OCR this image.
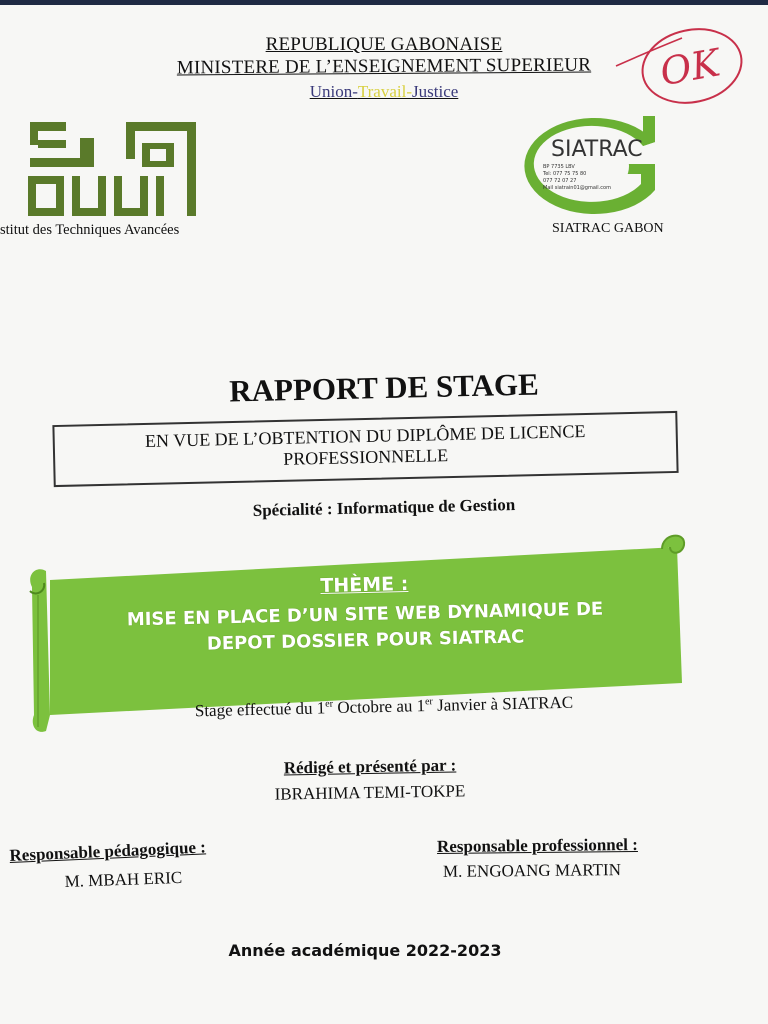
REPUBLIQUE GABONAISE
MINISTERE DE L’ENSEIGNEMENT SUPERIEUR
Union-Travail-Justice	OK
stitut des Techniques Avancées
SIATRAC
BP 7735 LBV
Tel: 077 75 75 80
077 72 07 27
Mail siatrain01@gmail.com
SIATRAC GABON
RAPPORT DE STAGE
EN VUE DE L’OBTENTION DU DIPLÔME DE LICENCE
PROFESSIONNELLE
Spécialité : Informatique de Gestion
THÈME :
MISE EN PLACE D’UN SITE WEB DYNAMIQUE DE
DEPOT DOSSIER POUR SIATRAC
Stage effectué du 1er Octobre au 1er Janvier à SIATRAC
Rédigé et présenté par :
IBRAHIMA TEMI-TOKPE
Responsable pédagogique :
M. MBAH ERIC
Responsable professionnel :
M. ENGOANG MARTIN
Année académique 2022-2023
